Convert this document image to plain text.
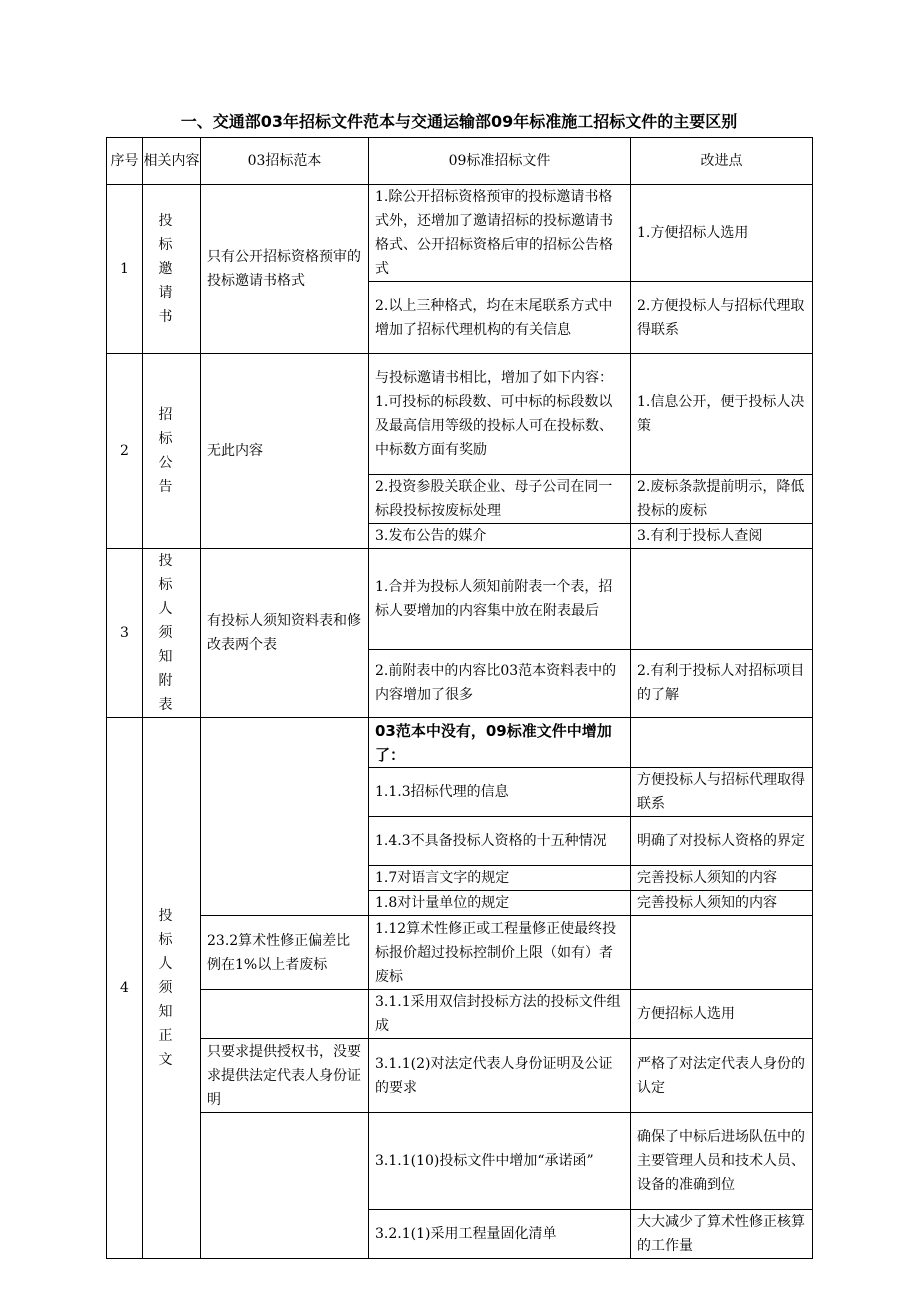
一、交通部03年招标文件范本与交通运输部09年标准施工招标文件的主要区别
序号	相关内容	03招标范本	09标准招标文件	改进点
1	投标邀请书	只有公开招标资格预审的投标邀请书格式	1.除公开招标资格预审的投标邀请书格式外，还增加了邀请招标的投标邀请书格式、公开招标资格后审的招标公告格式	1.方便招标人选用
			2.以上三种格式，均在末尾联系方式中增加了招标代理机构的有关信息	2.方便投标人与招标代理取得联系
2	招标公告	无此内容	与投标邀请书相比，增加了如下内容：1.可投标的标段数、可中标的标段数以及最高信用等级的投标人可在投标数、中标数方面有奖励	1.信息公开，便于投标人决策
			2.投资参股关联企业、母子公司在同一标段投标按废标处理	2.废标条款提前明示，降低投标的废标
			3.发布公告的媒介	3.有利于投标人查阅
3	投标人须知附表	有投标人须知资料表和修改表两个表	1.合并为投标人须知前附表一个表，招标人要增加的内容集中放在附表最后	
			2.前附表中的内容比03范本资料表中的内容增加了很多	2.有利于投标人对招标项目的了解
4	投标人须知正文		03范本中没有，09标准文件中增加了：	
			1.1.3招标代理的信息	方便投标人与招标代理取得联系
			1.4.3不具备投标人资格的十五种情况	明确了对投标人资格的界定
			1.7对语言文字的规定	完善投标人须知的内容
			1.8对计量单位的规定	完善投标人须知的内容
		23.2算术性修正偏差比例在1%以上者废标	1.12算术性修正或工程量修正使最终投标报价超过投标控制价上限（如有）者废标	
			3.1.1采用双信封投标方法的投标文件组成	方便招标人选用
		只要求提供授权书，没要求提供法定代表人身份证明	3.1.1(2)对法定代表人身份证明及公证的要求	严格了对法定代表人身份的认定
			3.1.1(10)投标文件中增加“承诺函”	确保了中标后进场队伍中的主要管理人员和技术人员、设备的准确到位
			3.2.1(1)采用工程量固化清单	大大减少了算术性修正核算的工作量
